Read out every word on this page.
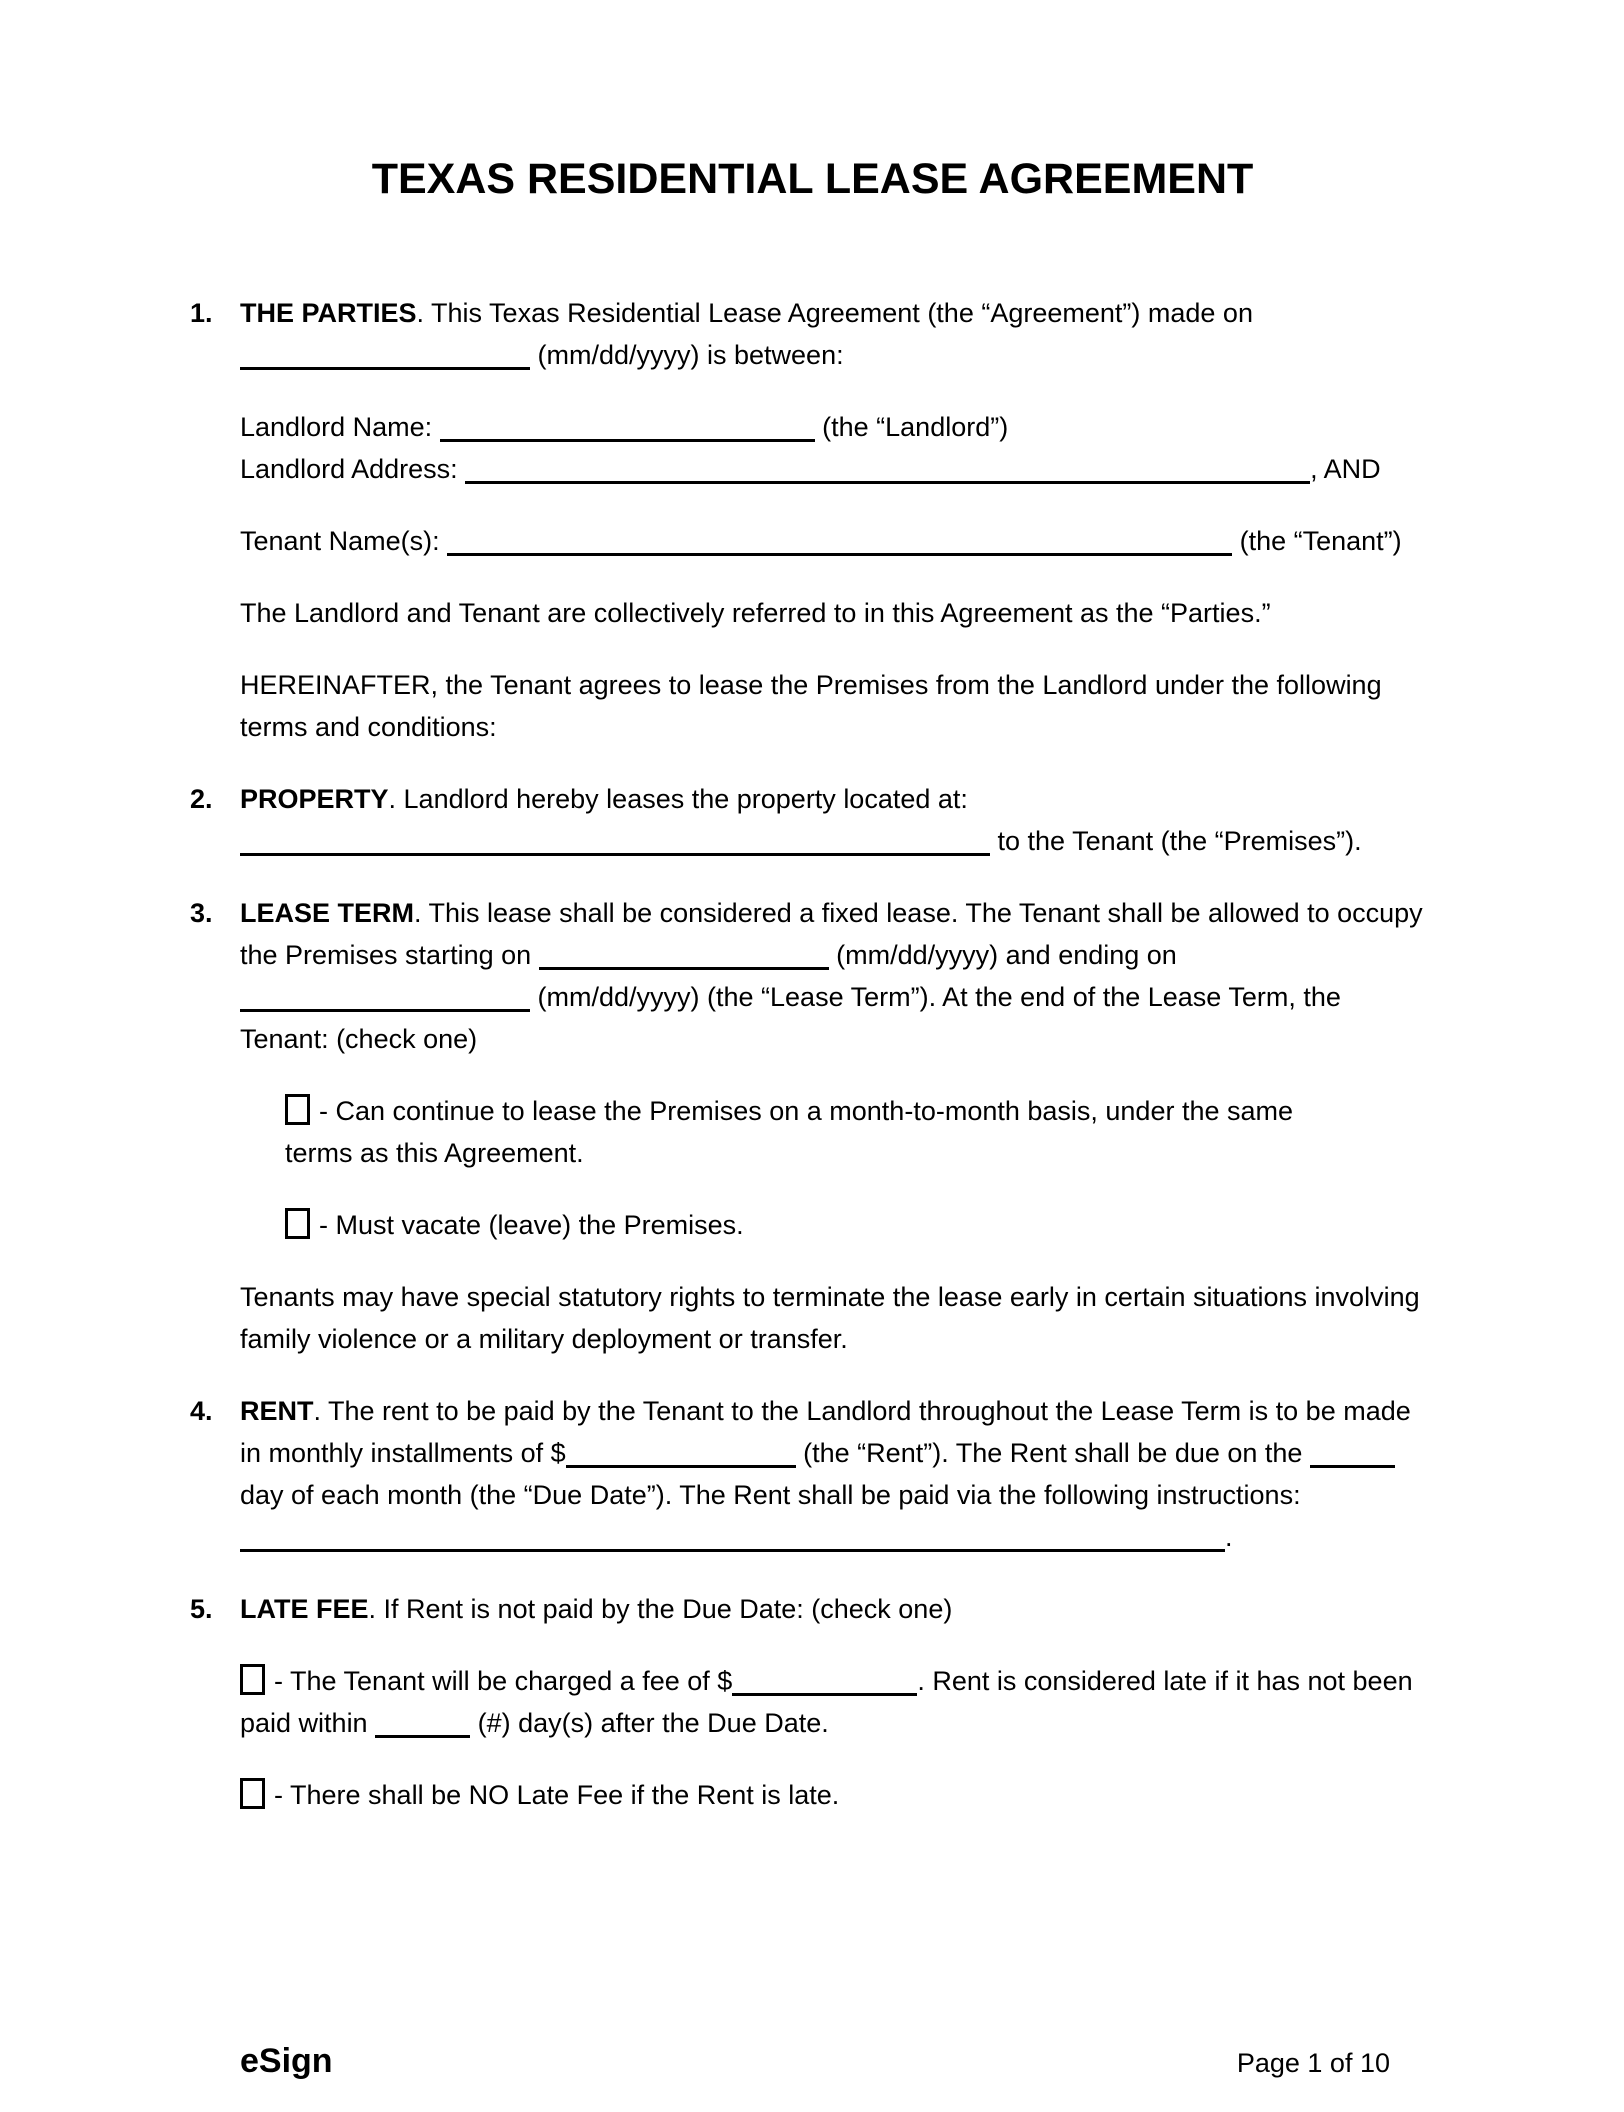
TEXAS RESIDENTIAL LEASE AGREEMENT
1.	THE PARTIES. This Texas Residential Lease Agreement (the “Agreement”) made on  (mm/dd/yyyy) is between:

Landlord Name:	(the “Landlord”)
Landlord Address:	, AND

Tenant Name(s):	(the “Tenant”)

The Landlord and Tenant are collectively referred to in this Agreement as the “Parties.”

HEREINAFTER, the Tenant agrees to lease the Premises from the Landlord under the following terms and conditions:

2.	PROPERTY. Landlord hereby leases the property located at:  to the Tenant (the “Premises”).

3.	LEASE TERM. This lease shall be considered a fixed lease. The Tenant shall be allowed to occupy the Premises starting on	(mm/dd/yyyy) and ending on  (mm/dd/yyyy) (the “Lease Term”). At the end of the Lease Term, the Tenant: (check one)

- Can continue to lease the Premises on a month-to-month basis, under the same terms as this Agreement.

- Must vacate (leave) the Premises.

Tenants may have special statutory rights to terminate the lease early in certain situations involving family violence or a military deployment or transfer.

4.	RENT. The rent to be paid by the Tenant to the Landlord throughout the Lease Term is to be made in monthly installments of $	(the “Rent”). The Rent shall be due on the  day of each month (the “Due Date”). The Rent shall be paid via the following instructions: .

5.	LATE FEE. If Rent is not paid by the Due Date: (check one)

- The Tenant will be charged a fee of $	. Rent is considered late if it has not been paid within	(#) day(s) after the Due Date.

- There shall be NO Late Fee if the Rent is late.

eSign	Page 1 of 10
